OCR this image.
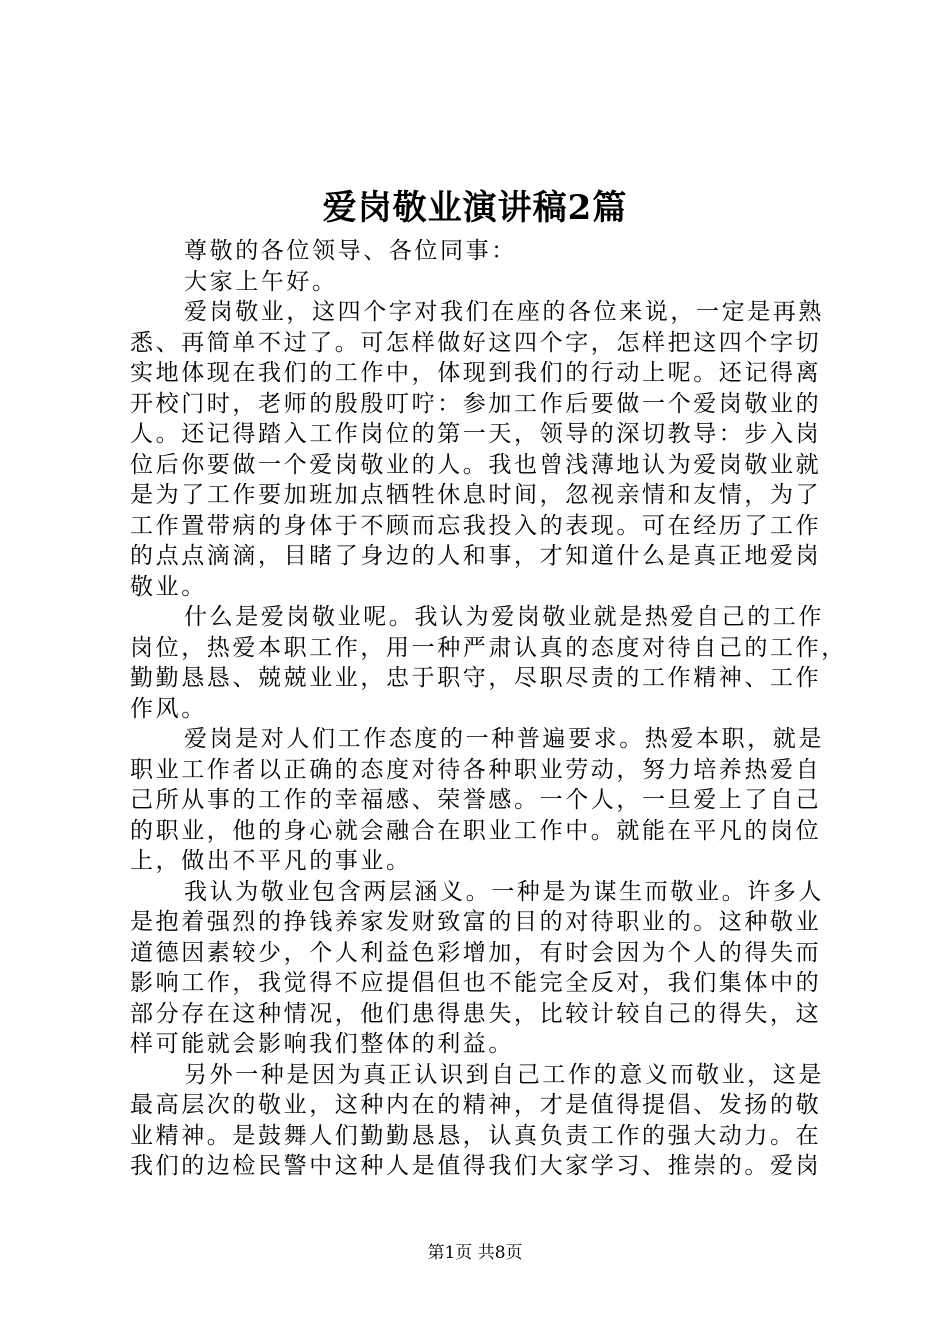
爱岗敬业演讲稿2篇
尊敬的各位领导、各位同事：
大家上午好。
爱岗敬业，这四个字对我们在座的各位来说，一定是再熟
悉、再简单不过了。可怎样做好这四个字，怎样把这四个字切
实地体现在我们的工作中，体现到我们的行动上呢。还记得离
开校门时，老师的殷殷叮咛：参加工作后要做一个爱岗敬业的
人。还记得踏入工作岗位的第一天，领导的深切教导：步入岗
位后你要做一个爱岗敬业的人。我也曾浅薄地认为爱岗敬业就
是为了工作要加班加点牺牲休息时间，忽视亲情和友情，为了
工作置带病的身体于不顾而忘我投入的表现。可在经历了工作
的点点滴滴，目睹了身边的人和事，才知道什么是真正地爱岗
敬业。
什么是爱岗敬业呢。我认为爱岗敬业就是热爱自己的工作
岗位，热爱本职工作，用一种严肃认真的态度对待自己的工作，
勤勤恳恳、兢兢业业，忠于职守，尽职尽责的工作精神、工作
作风。
爱岗是对人们工作态度的一种普遍要求。热爱本职，就是
职业工作者以正确的态度对待各种职业劳动，努力培养热爱自
己所从事的工作的幸福感、荣誉感。一个人，一旦爱上了自己
的职业，他的身心就会融合在职业工作中。就能在平凡的岗位
上，做出不平凡的事业。
我认为敬业包含两层涵义。一种是为谋生而敬业。许多人
是抱着强烈的挣钱养家发财致富的目的对待职业的。这种敬业
道德因素较少，个人利益色彩增加，有时会因为个人的得失而
影响工作，我觉得不应提倡但也不能完全反对，我们集体中的
部分存在这种情况，他们患得患失，比较计较自己的得失，这
样可能就会影响我们整体的利益。
另外一种是因为真正认识到自己工作的意义而敬业，这是
最高层次的敬业，这种内在的精神，才是值得提倡、发扬的敬
业精神。是鼓舞人们勤勤恳恳，认真负责工作的强大动力。在
我们的边检民警中这种人是值得我们大家学习、推崇的。爱岗
第1页 共8页
